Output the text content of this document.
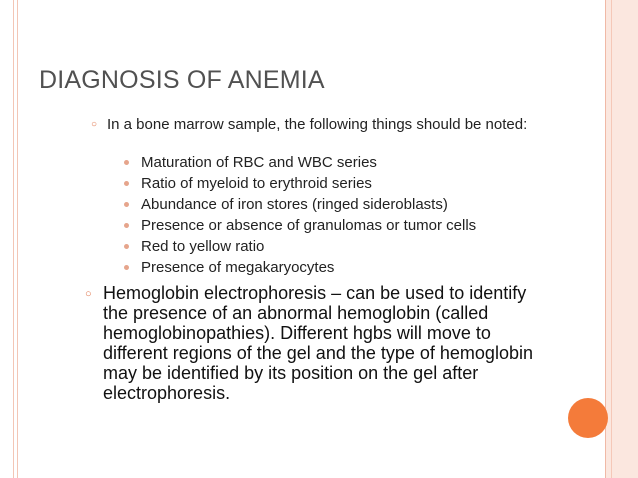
DIAGNOSIS OF ANEMIA
○ In a bone marrow sample, the following things should be noted:
Maturation of RBC and WBC series
Ratio of myeloid to erythroid series
Abundance of iron stores (ringed sideroblasts)
Presence or absence of granulomas or tumor cells
Red to yellow ratio
Presence of megakaryocytes
○ Hemoglobin electrophoresis – can be used to identify the presence of an abnormal hemoglobin (called hemoglobinopathies). Different hgbs will move to different regions of the gel and the type of hemoglobin may be identified by its position on the gel after electrophoresis.
